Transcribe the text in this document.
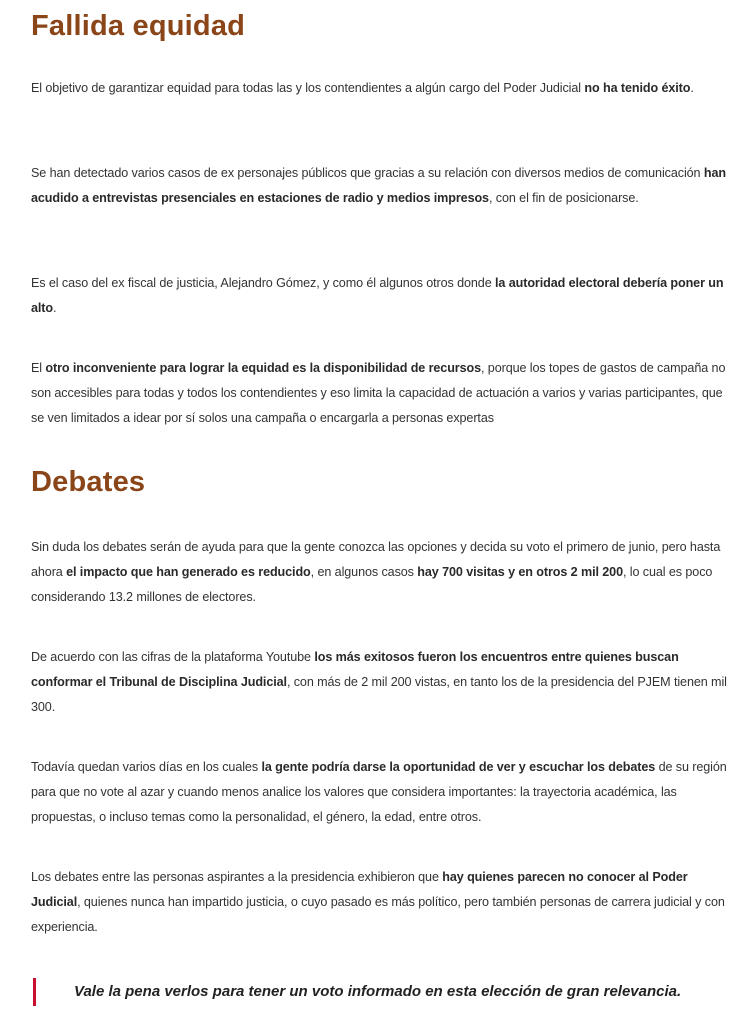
Fallida equidad

El objetivo de garantizar equidad para todas las y los contendientes a algún cargo del Poder Judicial no ha tenido éxito.

Se han detectado varios casos de ex personajes públicos que gracias a su relación con diversos medios de comunicación han acudido a entrevistas presenciales en estaciones de radio y medios impresos, con el fin de posicionarse.

Es el caso del ex fiscal de justicia, Alejandro Gómez, y como él algunos otros donde la autoridad electoral debería poner un alto.

El otro inconveniente para lograr la equidad es la disponibilidad de recursos, porque los topes de gastos de campaña no son accesibles para todas y todos los contendientes y eso limita la capacidad de actuación a varios y varias participantes, que se ven limitados a idear por sí solos una campaña o encargarla a personas expertas

Debates

Sin duda los debates serán de ayuda para que la gente conozca las opciones y decida su voto el primero de junio, pero hasta ahora el impacto que han generado es reducido, en algunos casos hay 700 visitas y en otros 2 mil 200, lo cual es poco considerando 13.2 millones de electores.

De acuerdo con las cifras de la plataforma Youtube los más exitosos fueron los encuentros entre quienes buscan conformar el Tribunal de Disciplina Judicial, con más de 2 mil 200 vistas, en tanto los de la presidencia del PJEM tienen mil 300.

Todavía quedan varios días en los cuales la gente podría darse la oportunidad de ver y escuchar los debates de su región para que no vote al azar y cuando menos analice los valores que considera importantes: la trayectoria académica, las propuestas, o incluso temas como la personalidad, el género, la edad, entre otros.

Los debates entre las personas aspirantes a la presidencia exhibieron que hay quienes parecen no conocer al Poder Judicial, quienes nunca han impartido justicia, o cuyo pasado es más político, pero también personas de carrera judicial y con experiencia.

Vale la pena verlos para tener un voto informado en esta elección de gran relevancia.
